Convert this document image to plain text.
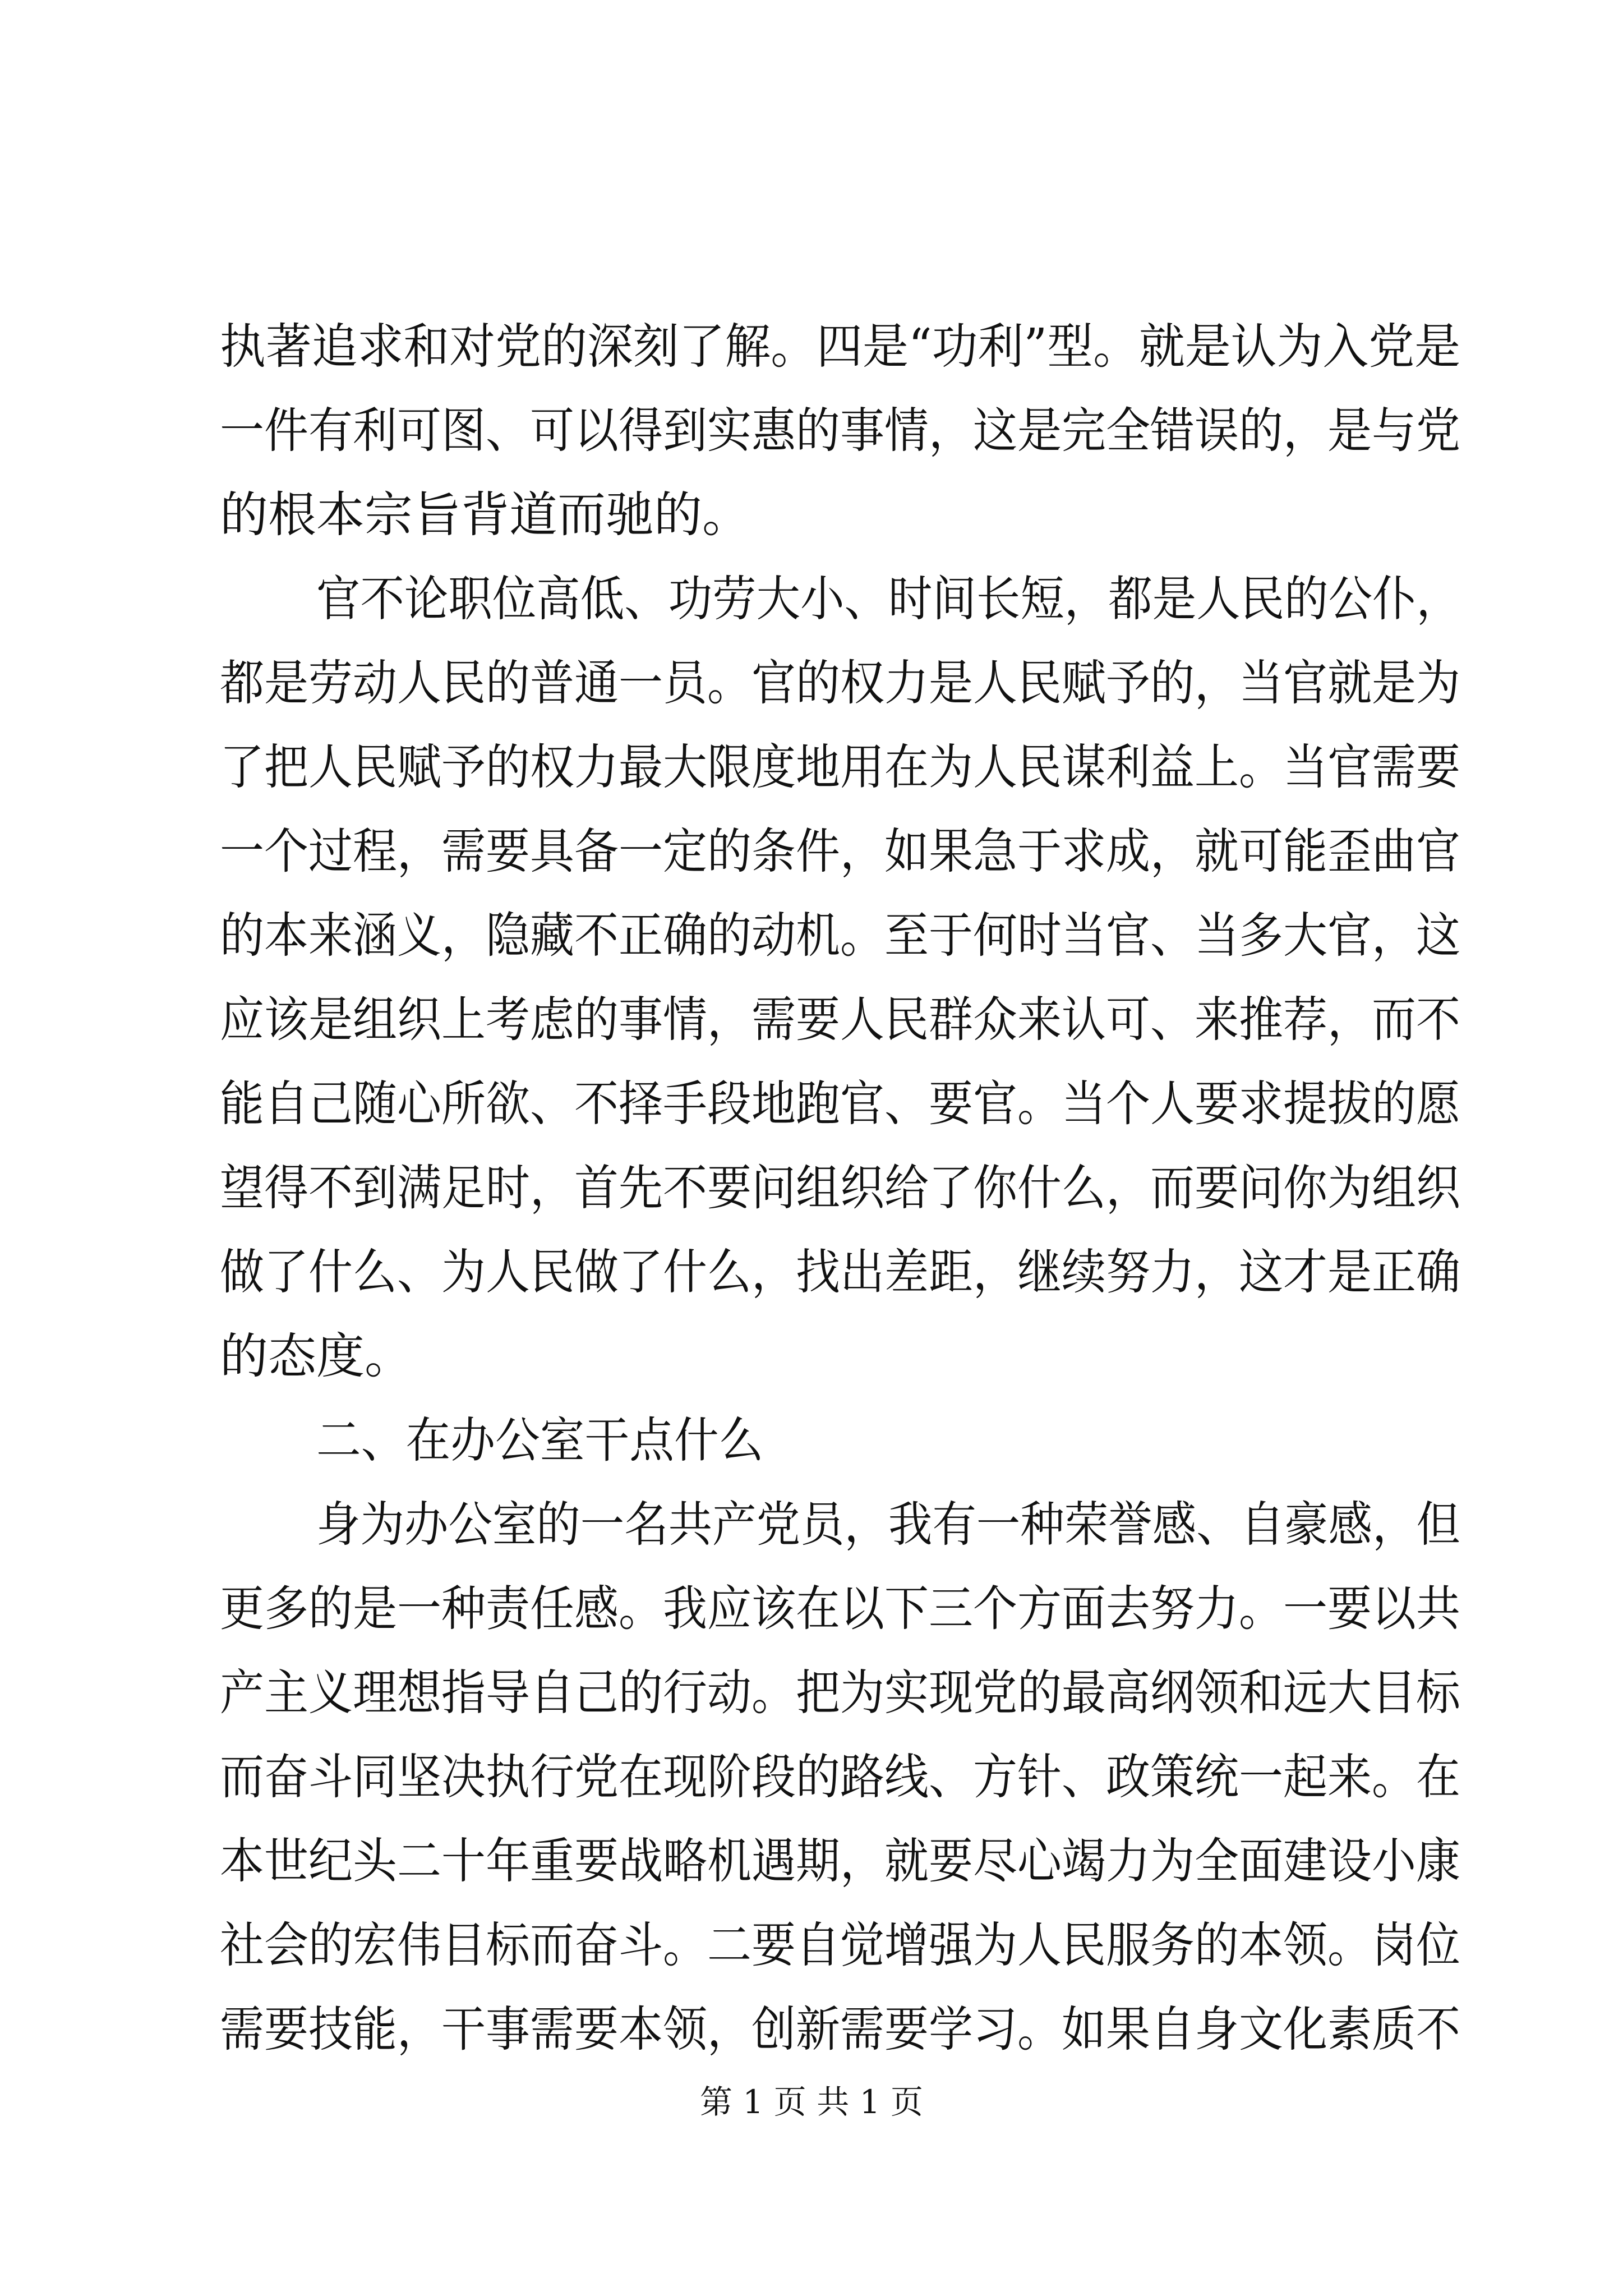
执著追求和对党的深刻了解。四是“功利”型。就是认为入党是

一件有利可图、可以得到实惠的事情，这是完全错误的，是与党

的根本宗旨背道而驰的。

官不论职位高低、功劳大小、时间长短，都是人民的公仆，

都是劳动人民的普通一员。官的权力是人民赋予的，当官就是为

了把人民赋予的权力最大限度地用在为人民谋利益上。当官需要

一个过程，需要具备一定的条件，如果急于求成，就可能歪曲官

的本来涵义，隐藏不正确的动机。至于何时当官、当多大官，这

应该是组织上考虑的事情，需要人民群众来认可、来推荐，而不

能自己随心所欲、不择手段地跑官、要官。当个人要求提拔的愿

望得不到满足时，首先不要问组织给了你什么，而要问你为组织

做了什么、为人民做了什么，找出差距，继续努力，这才是正确

的态度。

二、在办公室干点什么

身为办公室的一名共产党员，我有一种荣誉感、自豪感，但

更多的是一种责任感。我应该在以下三个方面去努力。一要以共

产主义理想指导自己的行动。把为实现党的最高纲领和远大目标

而奋斗同坚决执行党在现阶段的路线、方针、政策统一起来。在

本世纪头二十年重要战略机遇期，就要尽心竭力为全面建设小康

社会的宏伟目标而奋斗。二要自觉增强为人民服务的本领。岗位

需要技能，干事需要本领，创新需要学习。如果自身文化素质不

第 1 页 共 1 页
